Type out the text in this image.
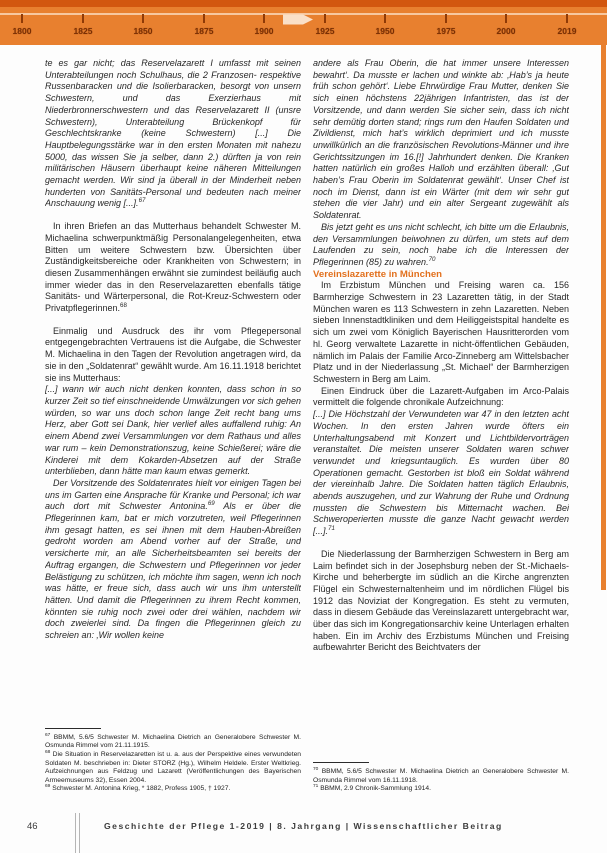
1800	1825	1850	1875	1900	1925	1950	1975	2000	2019

te es gar nicht; das Reservelazarett I umfasst mit seinen Unterabteilungen noch Schulhaus, die 2 Franzosen- respektive Russenbaracken und die Isolierbaracken, besorgt von unsern Schwestern, und das Exerzierhaus mit Niederbronnerschwestern und das Reservelazarett II (unsre Schwestern), Unterabteilung Brückenkopf für Geschlechtskranke (keine Schwestern) [...] Die Hauptbelegungsstärke war in den ersten Monaten mit nahezu 5000, das wissen Sie ja selber, dann 2.) dürften ja von rein militärischen Häusern überhaupt keine näheren Mitteilungen gemacht werden. Wir sind ja überall in der Minderheit neben hunderten von Sanitäts-Personal und bedeuten nach meiner Anschauung wenig [...].$^{67}$

In ihren Briefen an das Mutterhaus behandelt Schwester M. Michaelina schwerpunktmäßig Personalangelegenheiten, etwa Bitten um weitere Schwestern bzw. Übersichten über Zuständigkeitsbereiche oder Krankheiten von Schwestern; in diesen Zusammenhängen erwähnt sie zumindest beiläufig auch immer wieder das in den Reservelazaretten ebenfalls tätige Sanitäts- und Wärterpersonal, die Rot-Kreuz-Schwestern oder Privatpflegerinnen.$^{68}$

Einmalig und Ausdruck des ihr vom Pflegepersonal entgegengebrachten Vertrauens ist die Aufgabe, die Schwester M. Michaelina in den Tagen der Revolution angetragen wird, da sie in den „Soldatenrat“ gewählt wurde. Am 16.11.1918 berichtet sie ins Mutterhaus:

[...] wann wir auch nicht denken konnten, dass schon in so kurzer Zeit so tief einschneidende Umwälzungen vor sich gehen würden, so war uns doch schon lange Zeit recht bang ums Herz, aber Gott sei Dank, hier verlief alles auffallend ruhig: An einem Abend zwei Versammlungen vor dem Rathaus und alles war rum – kein Demonstrationszug, keine Schießerei; wäre die Kinderei mit dem Kokarden-Absetzen auf der Straße unterblieben, dann hätte man kaum etwas gemerkt.

Der Vorsitzende des Soldatenrates hielt vor einigen Tagen bei uns im Garten eine Ansprache für Kranke und Personal; ich war auch dort mit Schwester Antonina.$^{69}$ Als er über die Pflegerinnen kam, bat er mich vorzutreten, weil Pflegerinnen ihm gesagt hatten, es sei ihnen mit dem Hauben-Abreißen gedroht worden am Abend vorher auf der Straße, und versicherte mir, an alle Sicherheitsbeamten sei bereits der Auftrag ergangen, die Schwestern und Pflegerinnen vor jeder Belästigung zu schützen, ich möchte ihm sagen, wenn ich noch was hätte, er freue sich, dass auch wir uns ihm unterstellt hätten. Und damit die Pflegerinnen zu ihrem Recht kommen, könnten sie ruhig noch zwei oder drei wählen, nachdem wir doch zweierlei sind. Da fingen die Pflegerinnen gleich zu schreien an: ‚Wir wollen keine

$^{67}$ BBMM, 5.6/5 Schwester M. Michaelina Dietrich an Generalobere Schwester M. Osmunda Rimmel vom 21.11.1915.

$^{68}$ Die Situation in Reservelazaretten ist u. a. aus der Perspektive eines verwundeten Soldaten M. beschrieben in: Dieter STORZ (Hg.), Wilhelm Heldele. Erster Weltkrieg. Aufzeichnungen aus Feldzug und Lazarett (Veröffentlichungen des Bayerischen Armeemuseums 32), Essen 2004.

$^{69}$ Schwester M. Antonina Krieg, * 1882, Profess 1905, † 1927.

andere als Frau Oberin, die hat immer unsere Interessen bewahrt‘. Da musste er lachen und winkte ab: ‚Hab’s ja heute früh schon gehört‘. Liebe Ehrwürdige Frau Mutter, denken Sie sich einen höchstens 22jährigen Infantristen, das ist der Vorsitzende, und dann werden Sie sicher sein, dass ich nicht sehr demütig dorten stand; rings rum den Haufen Soldaten und Zivildienst, mich hat’s wirklich deprimiert und ich musste unwillkürlich an die französischen Revolutions-Männer und ihre Gerichtssitzungen im 16.[!] Jahrhundert denken. Die Kranken hatten natürlich ein großes Halloh und erzählten überall: ‚Gut haben’s Frau Oberin im Soldatenrat gewählt‘. Unser Chef ist noch im Dienst, dann ist ein Wärter (mit dem wir sehr gut stehen die vier Jahr) und ein alter Sergeant zugewählt als Soldatenrat.

Bis jetzt geht es uns nicht schlecht, ich bitte um die Erlaubnis, den Versammlungen beiwohnen zu dürfen, um stets auf dem Laufenden zu sein, noch habe ich die Interessen der Pflegerinnen (85) zu wahren.$^{70}$

Vereinslazarette in München

Im Erzbistum München und Freising waren ca. 156 Barmherzige Schwestern in 23 Lazaretten tätig, in der Stadt München waren es 113 Schwestern in zehn Lazaretten. Neben sieben Innenstadtkliniken und dem Heiliggeistspital handelte es sich um zwei vom Königlich Bayerischen Hausritterorden vom hl. Georg verwaltete Lazarette in nicht-öffentlichen Gebäuden, nämlich im Palais der Familie Arco-Zinneberg am Wittelsbacher Platz und in der Niederlassung „St. Michael“ der Barmherzigen Schwestern in Berg am Laim.

Einen Eindruck über die Lazarett-Aufgaben im Arco-Palais vermittelt die folgende chronikale Aufzeichnung:

[...] Die Höchstzahl der Verwundeten war 47 in den letzten acht Wochen. In den ersten Jahren wurde öfters ein Unterhaltungsabend mit Konzert und Lichtbildervorträgen veranstaltet. Die meisten unserer Soldaten waren schwer verwundet und kriegsuntauglich. Es wurden über 80 Operationen gemacht. Gestorben ist bloß ein Soldat während der viereinhalb Jahre. Die Soldaten hatten täglich Erlaubnis, abends auszugehen, und zur Wahrung der Ruhe und Ordnung mussten die Schwestern bis Mitternacht wachen. Bei Schweroperierten musste die ganze Nacht gewacht werden [...].$^{71}$

Die Niederlassung der Barmherzigen Schwestern in Berg am Laim befindet sich in der Josephsburg neben der St.-Michaels-Kirche und beherbergte im südlich an die Kirche angrenzten Flügel ein Schwesternaltenheim und im nördlichen Flügel bis 1912 das Noviziat der Kongregation. Es steht zu vermuten, dass in diesem Gebäude das Vereinslazarett untergebracht war, über das sich im Kongregationsarchiv keine Unterlagen erhalten haben. Ein im Archiv des Erzbistums München und Freising aufbewahrter Bericht des Beichtvaters der

$^{70}$ BBMM, 5.6/5 Schwester M. Michaelina Dietrich an Generalobere Schwester M. Osmunda Rimmel vom 16.11.1918.

$^{71}$ BBMM, 2.9 Chronik-Sammlung 1914.

46	Geschichte der Pflege 1-2019 | 8. Jahrgang | Wissenschaftlicher Beitrag
